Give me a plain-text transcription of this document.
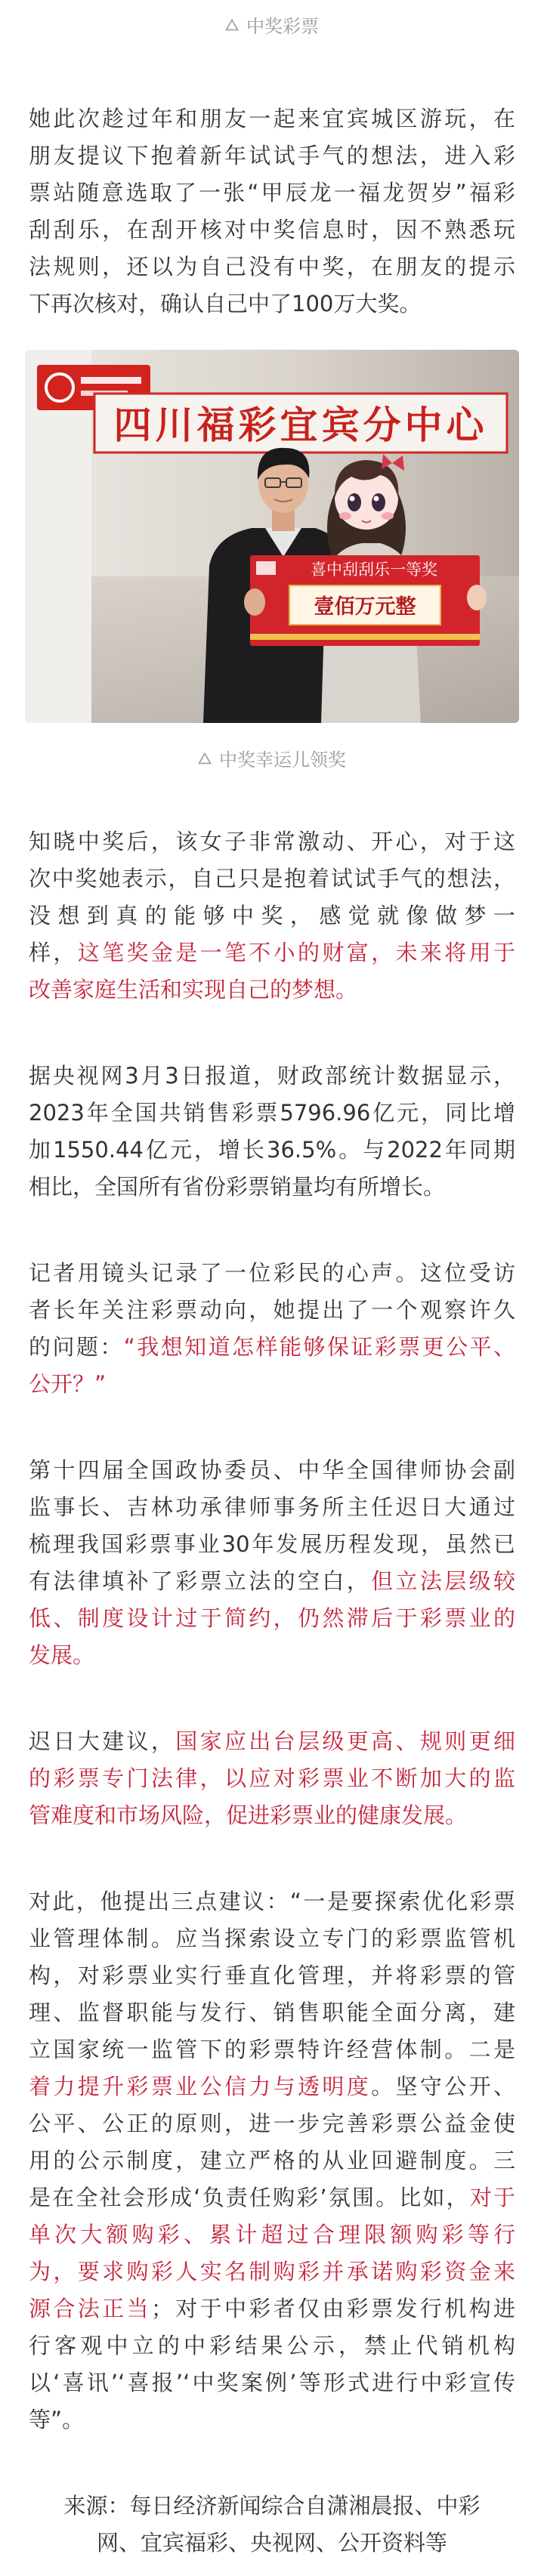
中奖彩票
她此次趁过年和朋友一起来宜宾城区游玩，在
朋友提议下抱着新年试试手气的想法，进入彩
票站随意选取了一张“甲辰龙一福龙贺岁”福彩
刮刮乐，在刮开核对中奖信息时，因不熟悉玩
法规则，还以为自己没有中奖，在朋友的提示
下再次核对，确认自己中了100万大奖。
四川福彩宜宾分中心
喜中刮刮乐一等奖
壹佰万元整
中奖幸运儿领奖
知晓中奖后，该女子非常激动、开心，对于这
次中奖她表示，自己只是抱着试试手气的想法，
没想到真的能够中奖，感觉就像做梦一
样，这笔奖金是一笔不小的财富，未来将用于
改善家庭生活和实现自己的梦想。
据央视网3月3日报道，财政部统计数据显示，
2023年全国共销售彩票5796.96亿元，同比增
加1550.44亿元，增长36.5%。与2022年同期
相比，全国所有省份彩票销量均有所增长。
记者用镜头记录了一位彩民的心声。这位受访
者长年关注彩票动向，她提出了一个观察许久
的问题：“我想知道怎样能够保证彩票更公平、
公开？”
第十四届全国政协委员、中华全国律师协会副
监事长、吉林功承律师事务所主任迟日大通过
梳理我国彩票事业30年发展历程发现，虽然已
有法律填补了彩票立法的空白，但立法层级较
低、制度设计过于简约，仍然滞后于彩票业的
发展。
迟日大建议，国家应出台层级更高、规则更细
的彩票专门法律，以应对彩票业不断加大的监
管难度和市场风险，促进彩票业的健康发展。
对此，他提出三点建议：“一是要探索优化彩票
业管理体制。应当探索设立专门的彩票监管机
构，对彩票业实行垂直化管理，并将彩票的管
理、监督职能与发行、销售职能全面分离，建
立国家统一监管下的彩票特许经营体制。二是
着力提升彩票业公信力与透明度。坚守公开、
公平、公正的原则，进一步完善彩票公益金使
用的公示制度，建立严格的从业回避制度。三
是在全社会形成‘负责任购彩’氛围。比如，对于
单次大额购彩、累计超过合理限额购彩等行
为，要求购彩人实名制购彩并承诺购彩资金来
源合法正当；对于中彩者仅由彩票发行机构进
行客观中立的中彩结果公示，禁止代销机构
以‘喜讯’‘喜报’‘中奖案例’等形式进行中彩宣传
等”。
来源：每日经济新闻综合自潇湘晨报、中彩
网、宜宾福彩、央视网、公开资料等
